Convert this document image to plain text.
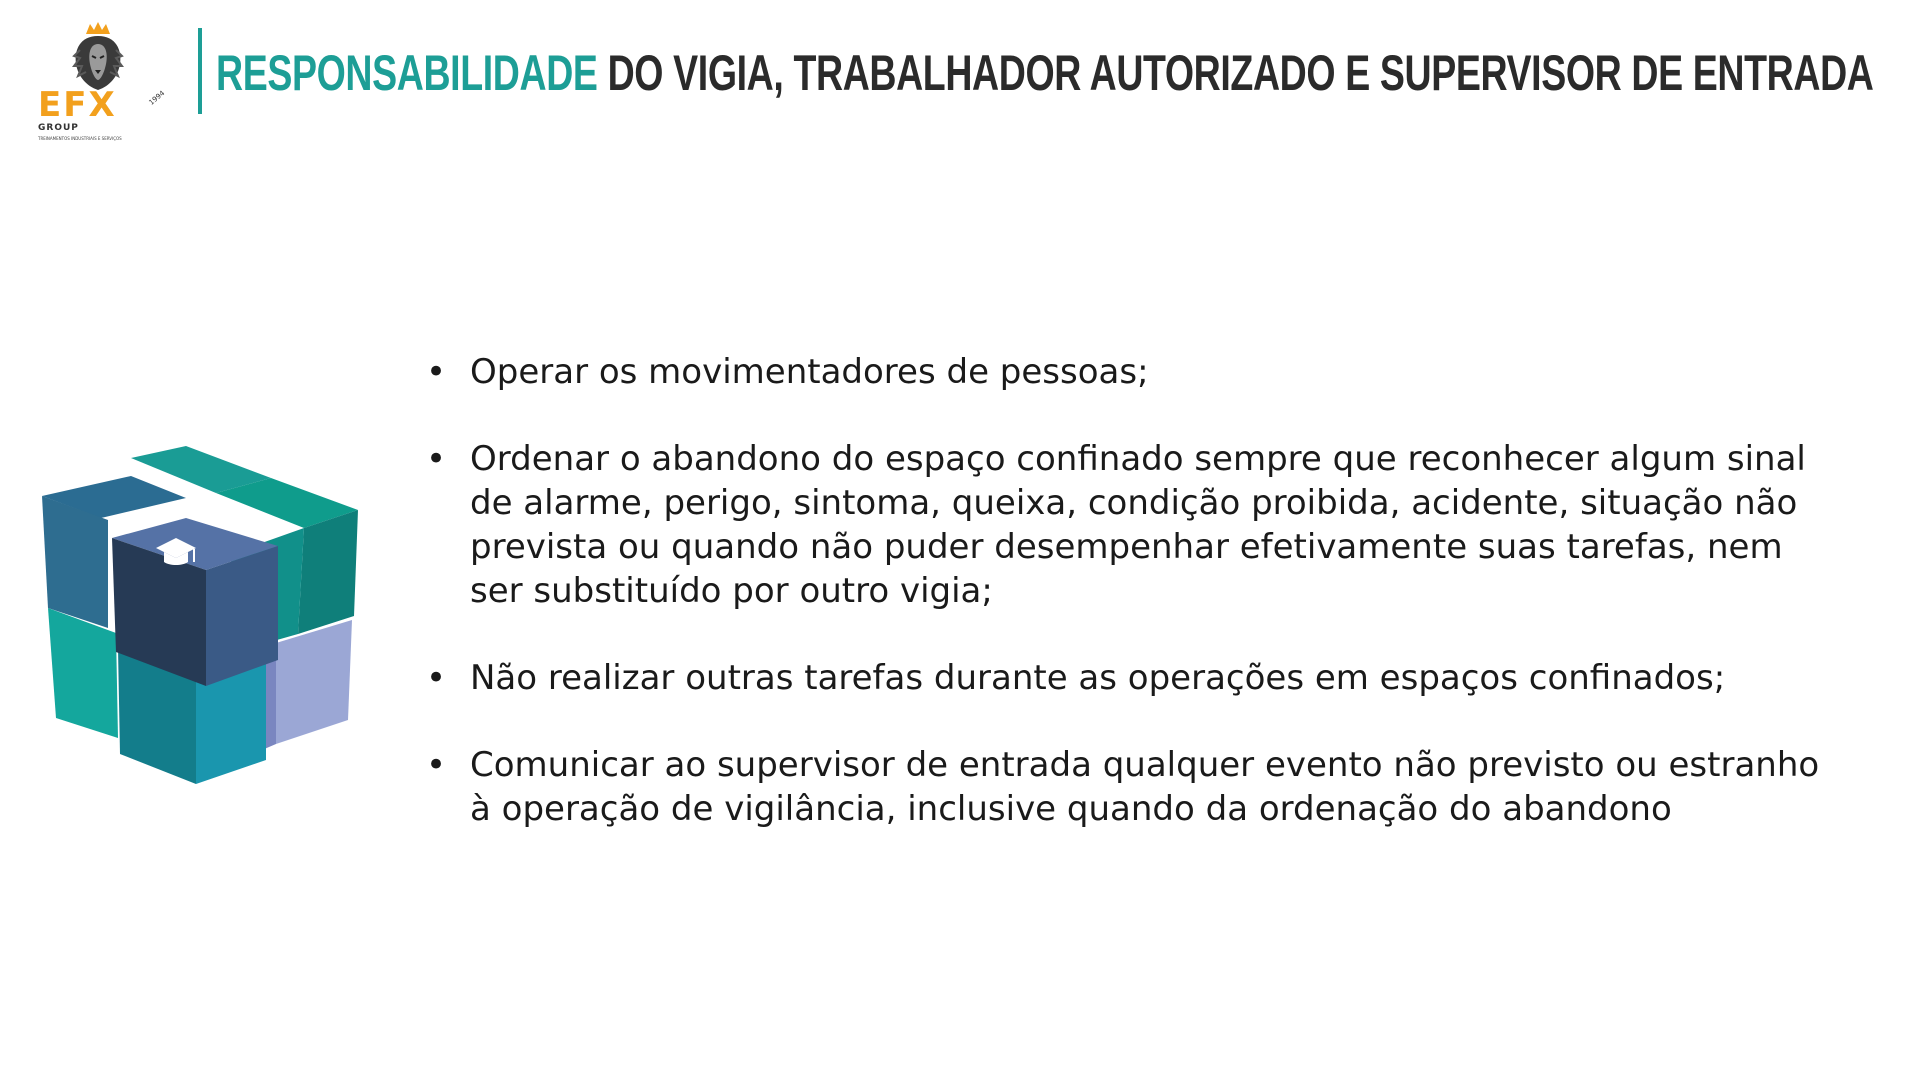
EFX	1994
GROUP
TREINAMENTOS INDUSTRIAIS E SERVIÇOS
RESPONSABILIDADE DO VIGIA, TRABALHADOR AUTORIZADO E SUPERVISOR DE ENTRADA
• Operar os movimentadores de pessoas;
• Ordenar o abandono do espaço confinado sempre que reconhecer algum sinal de alarme, perigo, sintoma, queixa, condição proibida, acidente, situação não prevista ou quando não puder desempenhar efetivamente suas tarefas, nem ser substituído por outro vigia;
• Não realizar outras tarefas durante as operações em espaços confinados;
• Comunicar ao supervisor de entrada qualquer evento não previsto ou estranho à operação de vigilância, inclusive quando da ordenação do abandono
